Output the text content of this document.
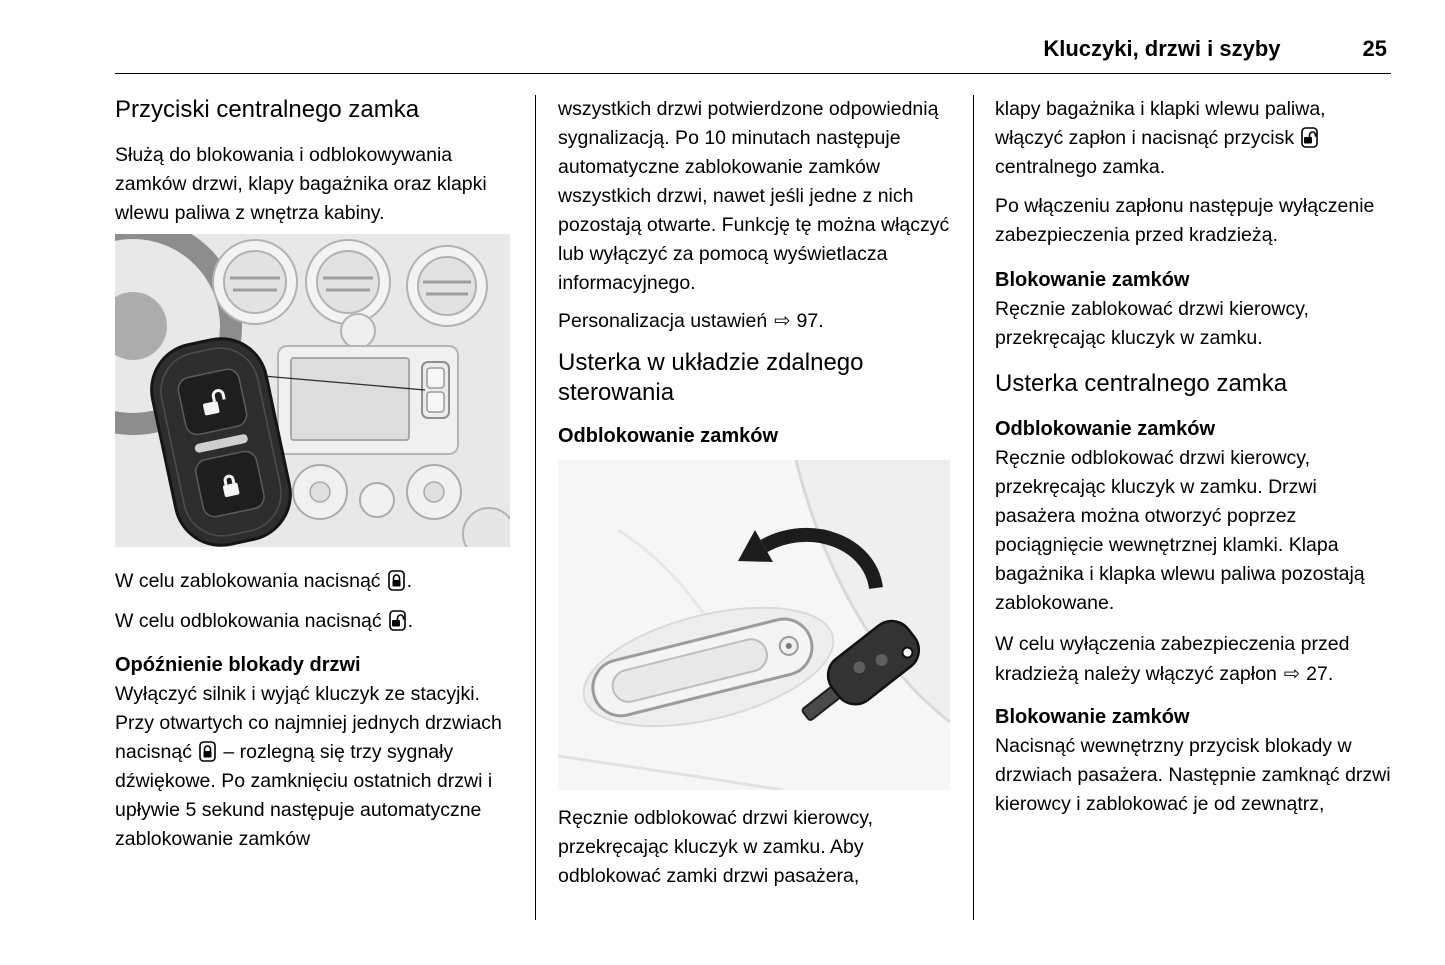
Kluczyki, drzwi i szyby	25
Przyciski centralnego zamka

Służą do blokowania i odblokowywania zamków drzwi, klapy bagażnika oraz klapki wlewu paliwa z wnętrza kabiny.

W celu zablokowania nacisnąć .

W celu odblokowania nacisnąć .

Opóźnienie blokady drzwi

Wyłączyć silnik i wyjąć kluczyk ze stacyjki. Przy otwartych co najmniej jednych drzwiach nacisnąć – rozlegną się trzy sygnały dźwiękowe. Po zamknięciu ostatnich drzwi i upływie 5 sekund następuje automatyczne zablokowanie zamków

wszystkich drzwi potwierdzone odpowiednią sygnalizacją. Po 10 minutach następuje automatyczne zablokowanie zamków wszystkich drzwi, nawet jeśli jedne z nich pozostają otwarte. Funkcję tę można włączyć lub wyłączyć za pomocą wyświetlacza informacyjnego.

Personalizacja ustawień ⇨ 97.

Usterka w układzie zdalnego sterowania
Odblokowanie zamków

Ręcznie odblokować drzwi kierowcy, przekręcając kluczyk w zamku. Aby odblokować zamki drzwi pasażera,

klapy bagażnika i klapki wlewu paliwa, włączyć zapłon i nacisnąć przycisk centralnego zamka.

Po włączeniu zapłonu następuje wyłączenie zabezpieczenia przed kradzieżą.

Blokowanie zamków

Ręcznie zablokować drzwi kierowcy, przekręcając kluczyk w zamku.

Usterka centralnego zamka
Odblokowanie zamków

Ręcznie odblokować drzwi kierowcy, przekręcając kluczyk w zamku. Drzwi pasażera można otworzyć poprzez pociągnięcie wewnętrznej klamki. Klapa bagażnika i klapka wlewu paliwa pozostają zablokowane.

W celu wyłączenia zabezpieczenia przed kradzieżą należy włączyć zapłon ⇨ 27.

Blokowanie zamków

Nacisnąć wewnętrzny przycisk blokady w drzwiach pasażera. Następnie zamknąć drzwi kierowcy i zablokować je od zewnątrz,
